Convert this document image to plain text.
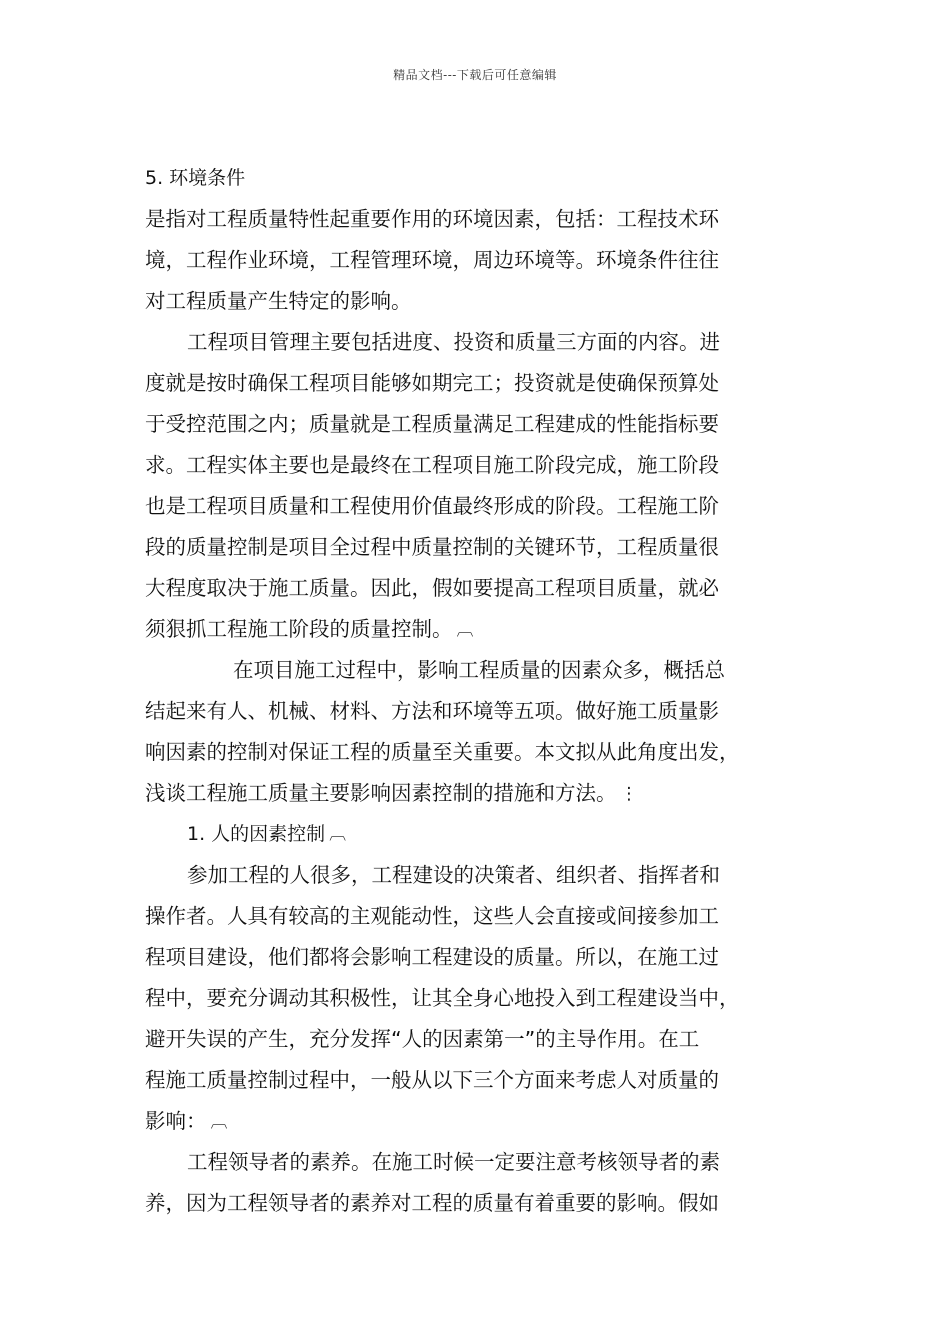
精品文档---下载后可任意编辑
5. 环境条件
是指对工程质量特性起重要作用的环境因素，包括：工程技术环
境，工程作业环境，工程管理环境，周边环境等。环境条件往往
对工程质量产生特定的影响。
工程项目管理主要包括进度、投资和质量三方面的内容。进
度就是按时确保工程项目能够如期完工；投资就是使确保预算处
于受控范围之内；质量就是工程质量满足工程建成的性能指标要
求。工程实体主要也是最终在工程项目施工阶段完成，施工阶段
也是工程项目质量和工程使用价值最终形成的阶段。工程施工阶
段的质量控制是项目全过程中质量控制的关键环节，工程质量很
大程度取决于施工质量。因此，假如要提高工程项目质量，就必
须狠抓工程施工阶段的质量控制。 ︹
在项目施工过程中，影响工程质量的因素众多，概括总
结起来有人、机械、材料、方法和环境等五项。做好施工质量影
响因素的控制对保证工程的质量至关重要。本文拟从此角度出发，
浅谈工程施工质量主要影响因素控制的措施和方法。 ⋮
1. 人的因素控制 ︹
参加工程的人很多，工程建设的决策者、组织者、指挥者和
操作者。人具有较高的主观能动性，这些人会直接或间接参加工
程项目建设，他们都将会影响工程建设的质量。所以，在施工过
程中，要充分调动其积极性，让其全身心地投入到工程建设当中，
避开失误的产生，充分发挥“人的因素第一”的主导作用。在工
程施工质量控制过程中，一般从以下三个方面来考虑人对质量的
影响： ︹
工程领导者的素养。在施工时候一定要注意考核领导者的素
养，因为工程领导者的素养对工程的质量有着重要的影响。假如
